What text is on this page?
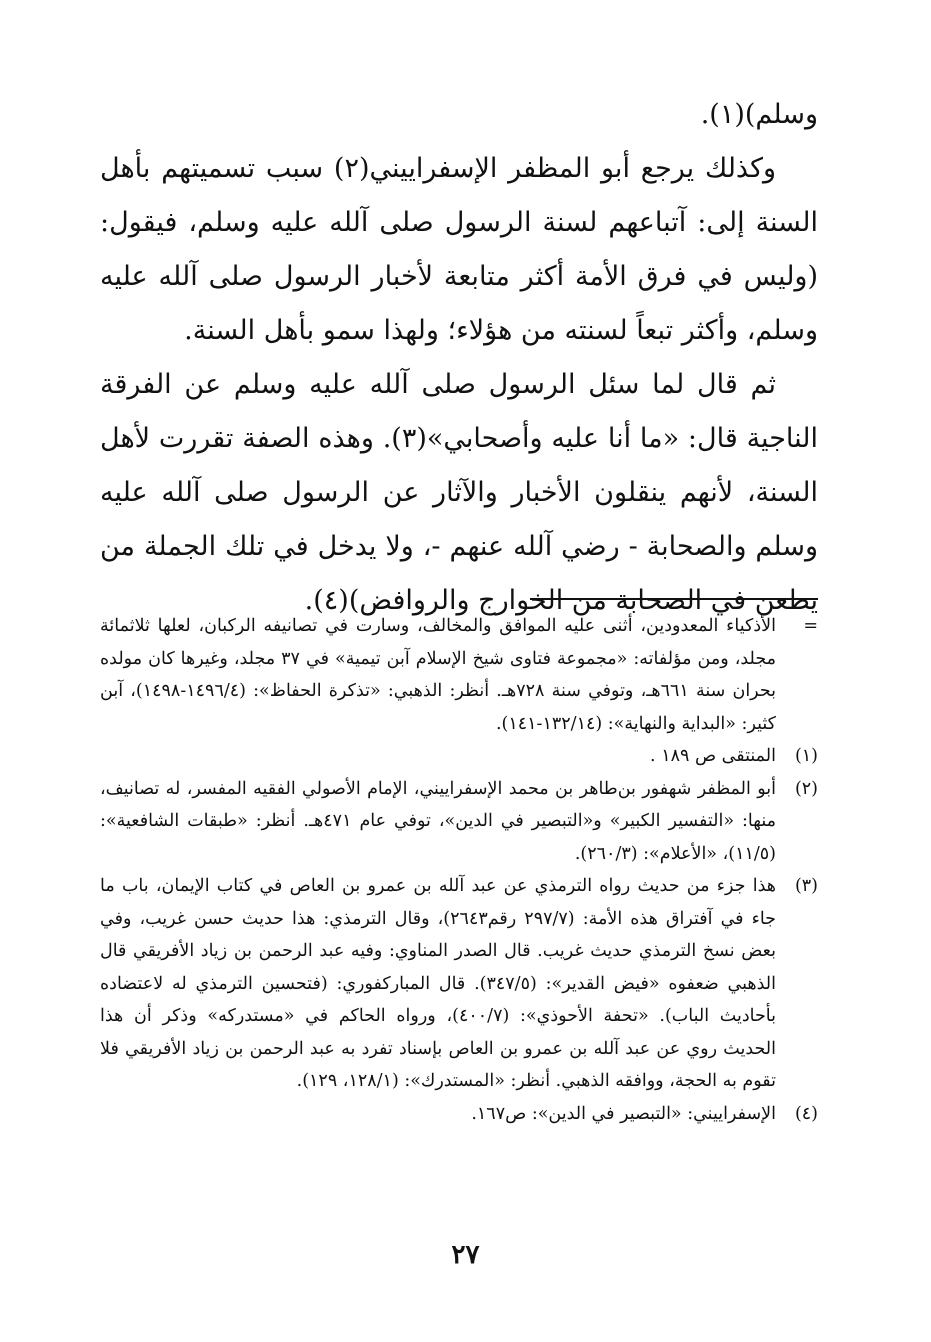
وسلم)(١).

وكذلك يرجع أبو المظفر الإسفراييني(٢) سبب تسميتهم بأهل السنة إلى: آتباعهم لسنة الرسول صلى آلله عليه وسلم، فيقول: (وليس في فرق الأمة أكثر متابعة لأخبار الرسول صلى آلله عليه وسلم، وأكثر تبعاً لسنته من هؤلاء؛ ولهذا سمو بأهل السنة.

ثم قال لما سئل الرسول صلى آلله عليه وسلم عن الفرقة الناجية قال: «ما أنا عليه وأصحابي»(٣). وهذه الصفة تقررت لأهل السنة، لأنهم ينقلون الأخبار والآثار عن الرسول صلى آلله عليه وسلم والصحابة - رضي آلله عنهم -، ولا يدخل في تلك الجملة من يطعن في الصحابة من الخوارج والروافض)(٤).

=
الأذكياء المعدودين، أثنى عليه الموافق والمخالف، وسارت في تصانيفه الركبان، لعلها ثلاثمائة مجلد، ومن مؤلفاته: «مجموعة فتاوى شيخ الإسلام آبن تيمية» في ٣٧ مجلد، وغيرها كان مولده بحران سنة ٦٦١هـ، وتوفي سنة ٧٢٨هـ. أنظر: الذهبي: «تذكرة الحفاظ»: (١٤٩٦/٤-١٤٩٨)، آبن كثير: «البداية والنهاية»: (١٣٢/١٤-١٤١).
(١)
المنتقى ص ١٨٩ .
(٢)
أبو المظفر شهفور بن‌طاهر بن محمد الإسفراييني، الإمام الأصولي الفقيه المفسر، له تصانيف، منها: «التفسير الكبير» و«التبصير في الدين»، توفي عام ٤٧١هـ. أنظر: «طبقات الشافعية»: (١١/٥)، «الأعلام»: (٢٦٠/٣).
(٣)
هذا جزء من حديث رواه الترمذي عن عبد آلله بن عمرو بن العاص في كتاب الإيمان، باب ما جاء في آفتراق هذه الأمة: (٢٩٧/٧ رقم٢٦٤٣)، وقال الترمذي: هذا حديث حسن غريب، وفي بعض نسخ الترمذي حديث غريب. قال الصدر المناوي: وفيه عبد الرحمن بن زياد الأفريقي قال الذهبي ضعفوه «فيض القدير»: (٣٤٧/٥). قال المباركفوري: (فتحسين الترمذي له لاعتضاده بأحاديث الباب). «تحفة الأحوذي»: (٤٠٠/٧)، ورواه الحاكم في «مستدركه» وذكر أن هذا الحديث روي عن عبد آلله بن عمرو بن العاص بإسناد تفرد به عبد الرحمن بن زياد الأفريقي فلا تقوم به الحجة، ووافقه الذهبي. أنظر: «المستدرك»: (١٢٨/١، ١٢٩).
(٤)
الإسفراييني: «التبصير في الدين»: ص١٦٧.
٢٧
